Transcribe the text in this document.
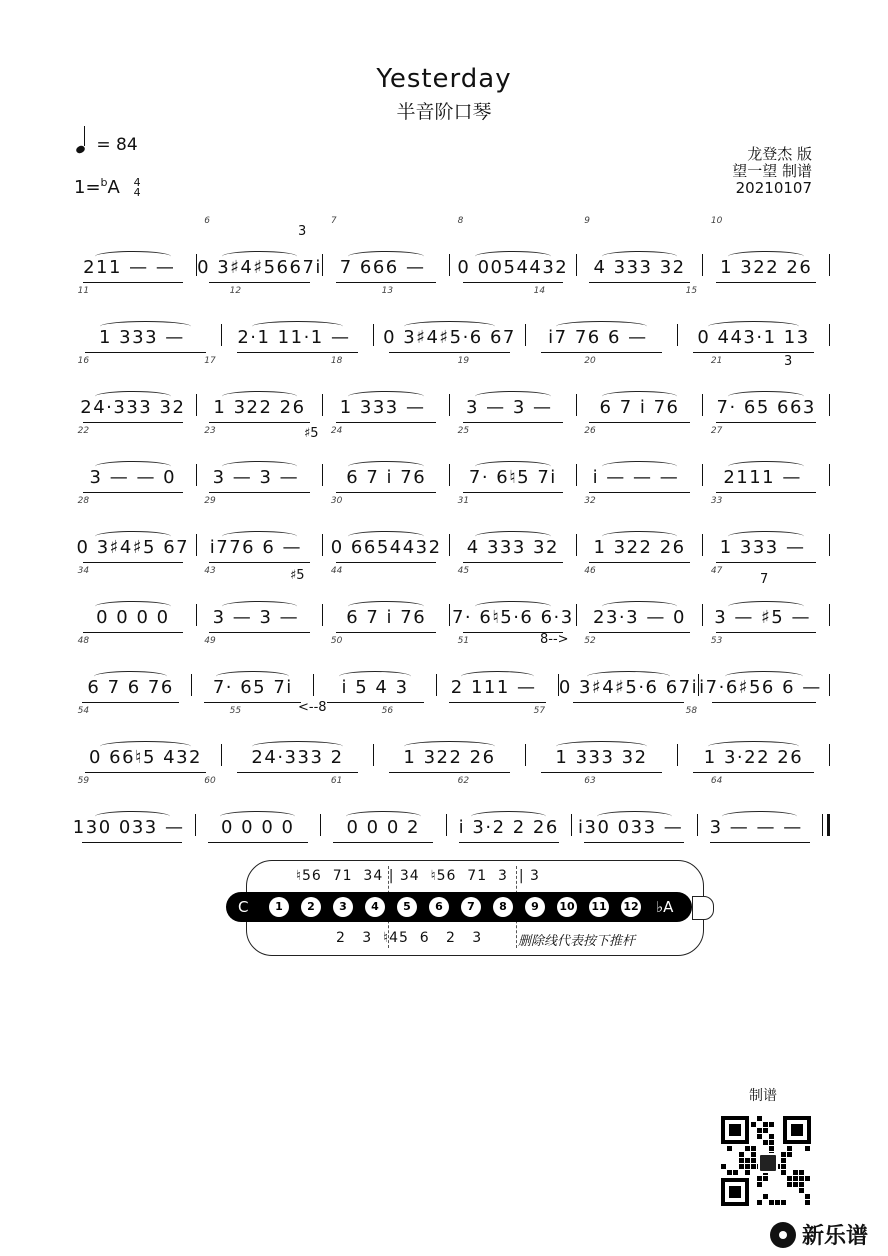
Yesterday
半音阶口琴
= 84
1=$^b$A 4
4
龙登杰 版
望一望 制谱
20210107
6	7	8	9	10
211 — — 0 3♯4♯5667i 7 666 —	0 0054432	4 333 32	1 322 26
11	12	13	14	15
1 333 —	2·1 11·1 —	0 3♯4♯5·6 67	i7 76 6 —	0 443·1 13
16	17	18	19	20	21
24·333 32	1 322 26	1 333 —	3 — 3 —	6 7 i 76	7· 65 663
22	23	24	25	26	27
3 — — 0	3 — 3 —	6 7 i 76	7· 6♮5 7i	i — — —	2111 —
28	29	30	31	32	33
0 3♯4♯5 67	i776 6 —	0 6654432	4 333 32	1 322 26	1 333 —
34	43	44	45	46	47
0 0 0 0	3 — 3 —	6 7 i 76	7· 6♮5·6 6·3	23·3 — 0	3 — ♯5 —
48	49	50	51	52	53
6 7 6 76	7· 65 7i	i 5 4 3	2 111 — 0 3♯4♯5·6 67i i7·6♯56 6 —
54	55	56	57	58
0 66♮5 432	24·333 2	1 322 26	1 333 32	1 3·22 26
59	60	61	62	63	64
130 033 —	0 0 0 0	0 0 0 2	i 3·2 2 26	i30 033 —	3 — — —
♮56  71  34 | 34  ♮56  71  3  | 3
C	1	2	3	4	5	6	7	8	9	10 11 12 ♭A
2   3  ♮45  6   2   3	删除线代表按下推杆
制谱
新乐谱
8-->
<--8
♯5
♯5	7
3
3
